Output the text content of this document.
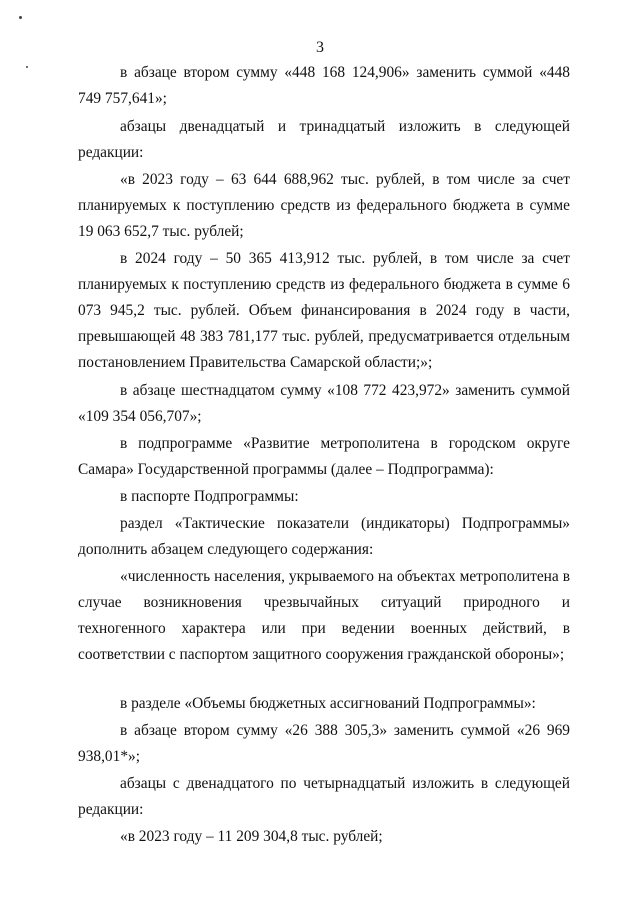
3

в абзаце втором сумму «448 168 124,906» заменить суммой «448 749 757,641»;

абзацы двенадцатый и тринадцатый изложить в следующей редакции:

«в 2023 году – 63 644 688,962 тыс. рублей, в том числе за счет планируемых к поступлению средств из федерального бюджета в сумме 19 063 652,7 тыс. рублей;

в 2024 году – 50 365 413,912 тыс. рублей, в том числе за счет планируемых к поступлению средств из федерального бюджета в сумме 6 073 945,2 тыс. рублей. Объем финансирования в 2024 году в части, превышающей 48 383 781,177 тыс. рублей, предусматривается отдельным постановлением Правительства Самарской области;»;

в абзаце шестнадцатом сумму «108 772 423,972» заменить суммой «109 354 056,707»;

в подпрограмме «Развитие метрополитена в городском округе Самара» Государственной программы (далее – Подпрограмма):

в паспорте Подпрограммы:

раздел «Тактические показатели (индикаторы) Подпрограммы» дополнить абзацем следующего содержания:

«численность населения, укрываемого на объектах метрополитена в случае возникновения чрезвычайных ситуаций природного и техногенного характера или при ведении военных действий, в соответствии с паспортом защитного сооружения гражданской обороны»;

в разделе «Объемы бюджетных ассигнований Подпрограммы»:

в абзаце втором сумму «26 388 305,3» заменить суммой «26 969 938,01*»;

абзацы с двенадцатого по четырнадцатый изложить в следующей редакции:

«в 2023 году – 11 209 304,8 тыс. рублей;
